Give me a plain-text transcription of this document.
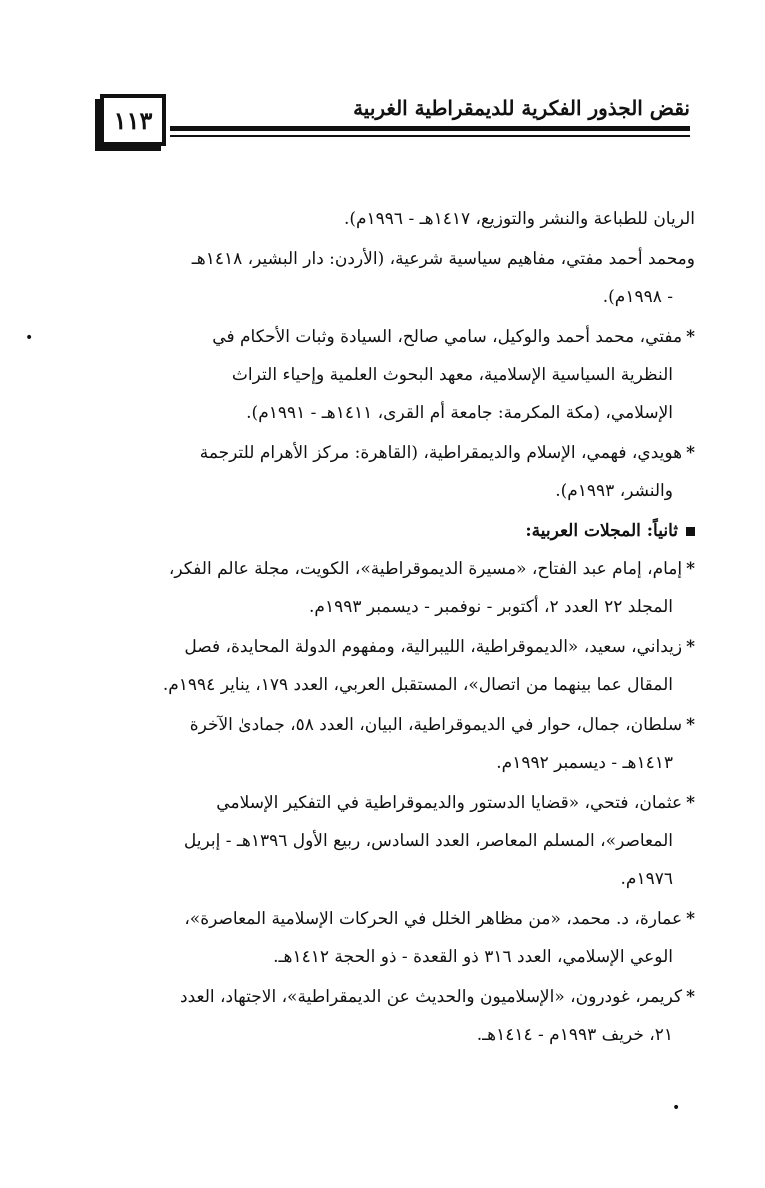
١١٣	نقض الجذور الفكرية للديمقراطية الغربية
•
•
الريان للطباعة والنشر والتوزيع، ١٤١٧هـ - ١٩٩٦م).
ومحمد أحمد مفتي، مفاهيم سياسية شرعية، (الأردن: دار البشير، ١٤١٨هـ
- ١٩٩٨م).
*مفتي، محمد أحمد والوكيل، سامي صالح، السيادة وثبات الأحكام في
النظرية السياسية الإسلامية، معهد البحوث العلمية وإحياء التراث
الإسلامي، (مكة المكرمة: جامعة أم القرى، ١٤١١هـ - ١٩٩١م).
*هويدي، فهمي، الإسلام والديمقراطية، (القاهرة: مركز الأهرام للترجمة
والنشر، ١٩٩٣م).
ثانياً: المجلات العربية:
*إمام، إمام عبد الفتاح، «مسيرة الديموقراطية»، الكويت، مجلة عالم الفكر،
المجلد ٢٢ العدد ٢، أكتوبر - نوفمبر - ديسمبر ١٩٩٣م.
*زيداني، سعيد، «الديموقراطية، الليبرالية، ومفهوم الدولة المحايدة، فصل
المقال عما بينهما من اتصال»، المستقبل العربي، العدد ١٧٩، يناير ١٩٩٤م.
*سلطان، جمال، حوار في الديموقراطية، البيان، العدد ٥٨، جمادىٰ الآخرة
١٤١٣هـ - ديسمبر ١٩٩٢م.
*عثمان، فتحي، «قضايا الدستور والديموقراطية في التفكير الإسلامي
المعاصر»، المسلم المعاصر، العدد السادس، ربيع الأول ١٣٩٦هـ - إبريل
١٩٧٦م.
*عمارة، د. محمد، «من مظاهر الخلل في الحركات الإسلامية المعاصرة»،
الوعي الإسلامي، العدد ٣١٦ ذو القعدة - ذو الحجة ١٤١٢هـ.
*كريمر، غودرون، «الإسلاميون والحديث عن الديمقراطية»، الاجتهاد، العدد
٢١، خريف ١٩٩٣م - ١٤١٤هـ.
